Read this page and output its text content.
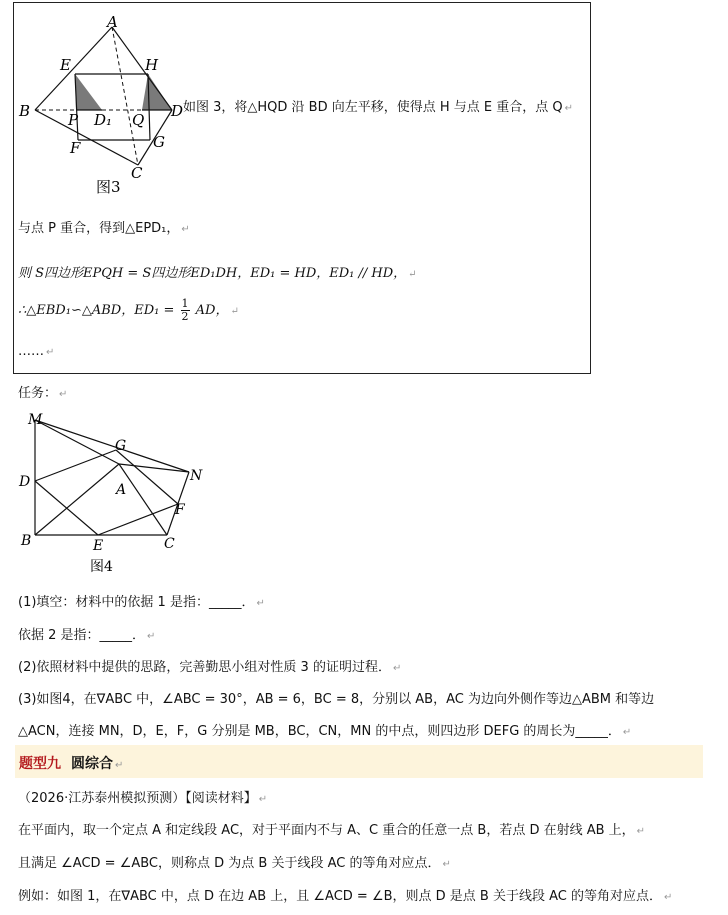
A
B
C
D
E
F	G
H
P	Q
D₁
图3
如图 3，将△HQD 沿 BD 向左平移，使得点 H 与点 E 重合，点 Q ↵
与点 P 重合，得到△EPD₁， ↵
则 S四边形EPQH = S四边形ED₁DH，ED₁ = HD，ED₁ // HD， ↵
∴△EBD₁∽△ABD，$ED_1 = \frac{1}{2}$ AD， ↵
…… ↵
任务： ↵
M
G
N
D	A
F
B	E	C
图4
(1)填空：材料中的依据 1 是指：_____． ↵
依据 2 是指：_____． ↵
(2)依照材料中提供的思路，完善勤思小组对性质 3 的证明过程． ↵
(3)如图4，在∇ABC 中，∠ABC = 30°，AB = 6，BC = 8，分别以 AB，AC 为边向外侧作等边△ABM 和等边
△ACN，连接 MN，D，E，F，G 分别是 MB，BC，CN，MN 的中点，则四边形 DEFG 的周长为_____． ↵
题型九 圆综合 ↵
（2026·江苏泰州模拟预测）【阅读材料】 ↵
在平面内，取一个定点 A 和定线段 AC，对于平面内不与 A、C 重合的任意一点 B，若点 D 在射线 AB 上， ↵
且满足 ∠ACD = ∠ABC，则称点 D 为点 B 关于线段 AC 的等角对应点． ↵
例如：如图 1，在∇ABC 中，点 D 在边 AB 上，且 ∠ACD = ∠B，则点 D 是点 B 关于线段 AC 的等角对应点． ↵
